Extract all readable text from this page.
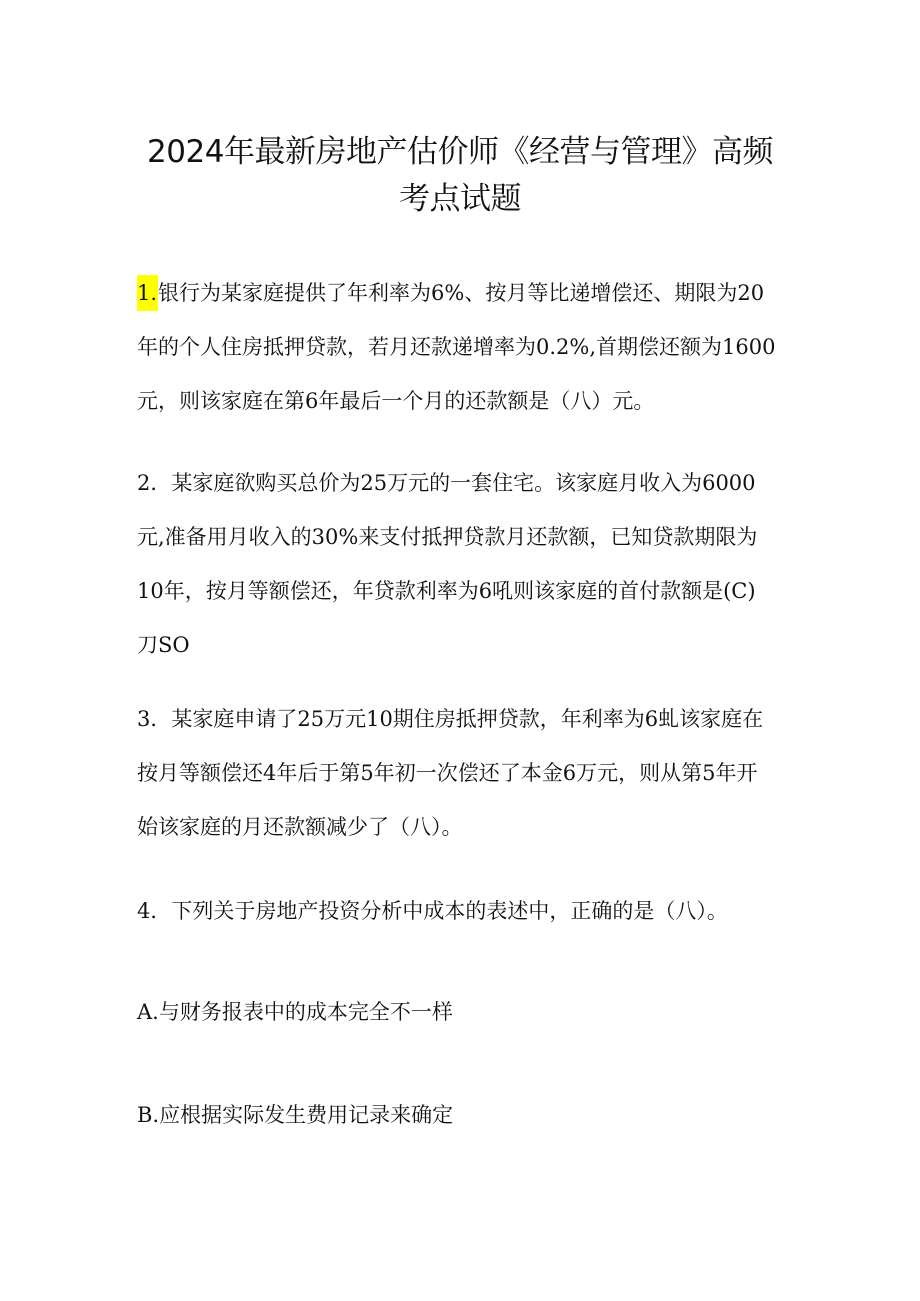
2024年最新房地产估价师《经营与管理》高频
考点试题
1.银行为某家庭提供了年利率为6%、按月等比递增偿还、期限为20
年的个人住房抵押贷款，若月还款递增率为0.2%,首期偿还额为1600
元，则该家庭在第6年最后一个月的还款额是（八）元。
2．某家庭欲购买总价为25万元的一套住宅。该家庭月收入为6000
元,准备用月收入的30%来支付抵押贷款月还款额，已知贷款期限为
10年，按月等额偿还，年贷款利率为6吼则该家庭的首付款额是(C)
刀SO
3．某家庭申请了25万元10期住房抵押贷款，年利率为6虬该家庭在
按月等额偿还4年后于第5年初一次偿还了本金6万元，则从第5年开
始该家庭的月还款额减少了（八）。
4．下列关于房地产投资分析中成本的表述中，正确的是（八）。
A.与财务报表中的成本完全不一样
B.应根据实际发生费用记录来确定
